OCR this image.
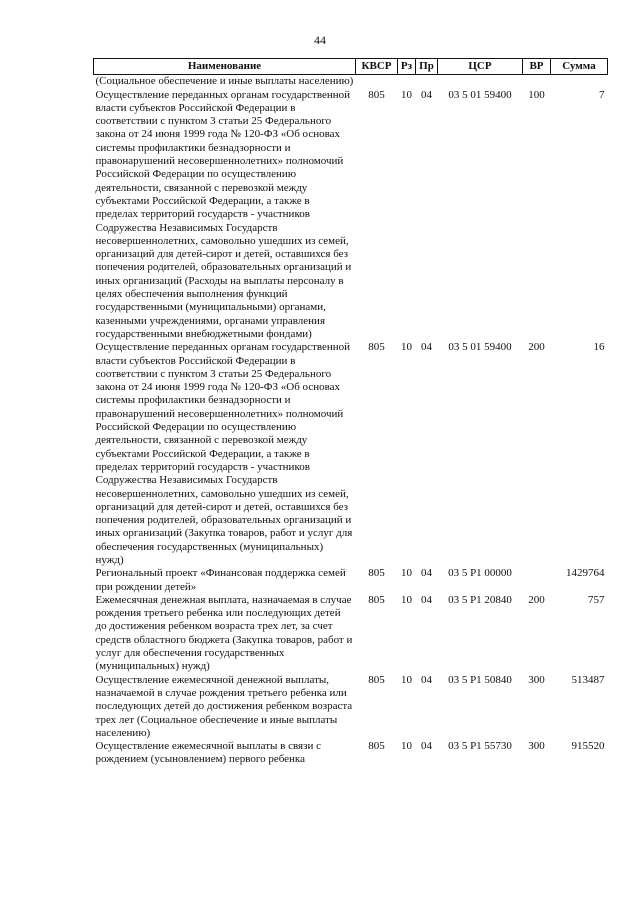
44
Наименование	КВСР	Рз	Пр	ЦСР	ВР	Сумма
(Социальное обеспечение и иные выплаты населению)						
Осуществление переданных органам государственной власти субъектов Российской Федерации в соответствии с пунктом 3 статьи 25 Федерального закона от 24 июня 1999 года № 120-ФЗ «Об основах системы профилактики безнадзорности и правонарушений несовершеннолетних» полномочий Российской Федерации по осуществлению деятельности, связанной с перевозкой между субъектами Российской Федерации, а также в пределах территорий государств - участников Содружества Независимых Государств несовершеннолетних, самовольно ушедших из семей, организаций для детей-сирот и детей, оставшихся без попечения родителей, образовательных организаций и иных организаций (Расходы на выплаты персоналу в целях обеспечения выполнения функций государственными (муниципальными) органами, казенными учреждениями, органами управления государственными внебюджетными фондами)	805	10	04	03 5 01 59400	100	7
Осуществление переданных органам государственной власти субъектов Российской Федерации в соответствии с пунктом 3 статьи 25 Федерального закона от 24 июня 1999 года № 120-ФЗ «Об основах системы профилактики безнадзорности и правонарушений несовершеннолетних» полномочий Российской Федерации по осуществлению деятельности, связанной с перевозкой между субъектами Российской Федерации, а также в пределах территорий государств - участников Содружества Независимых Государств несовершеннолетних, самовольно ушедших из семей, организаций для детей-сирот и детей, оставшихся без попечения родителей, образовательных организаций и иных организаций (Закупка товаров, работ и услуг для обеспечения государственных (муниципальных) нужд)	805	10	04	03 5 01 59400	200	16
Региональный проект «Финансовая поддержка семей при рождении детей»	805	10	04	03 5 P1 00000		1429764
Ежемесячная денежная выплата, назначаемая в случае рождения третьего ребенка или последующих детей до достижения ребенком возраста трех лет, за счет средств областного бюджета (Закупка товаров, работ и услуг для обеспечения государственных (муниципальных) нужд)	805	10	04	03 5 P1 20840	200	757
Осуществление ежемесячной денежной выплаты, назначаемой в случае рождения третьего ребенка или последующих детей до достижения ребенком возраста трех лет (Социальное обеспечение и иные выплаты населению)	805	10	04	03 5 P1 50840	300	513487
Осуществление ежемесячной выплаты в связи с рождением (усыновлением) первого ребенка	805	10	04	03 5 P1 55730	300	915520
